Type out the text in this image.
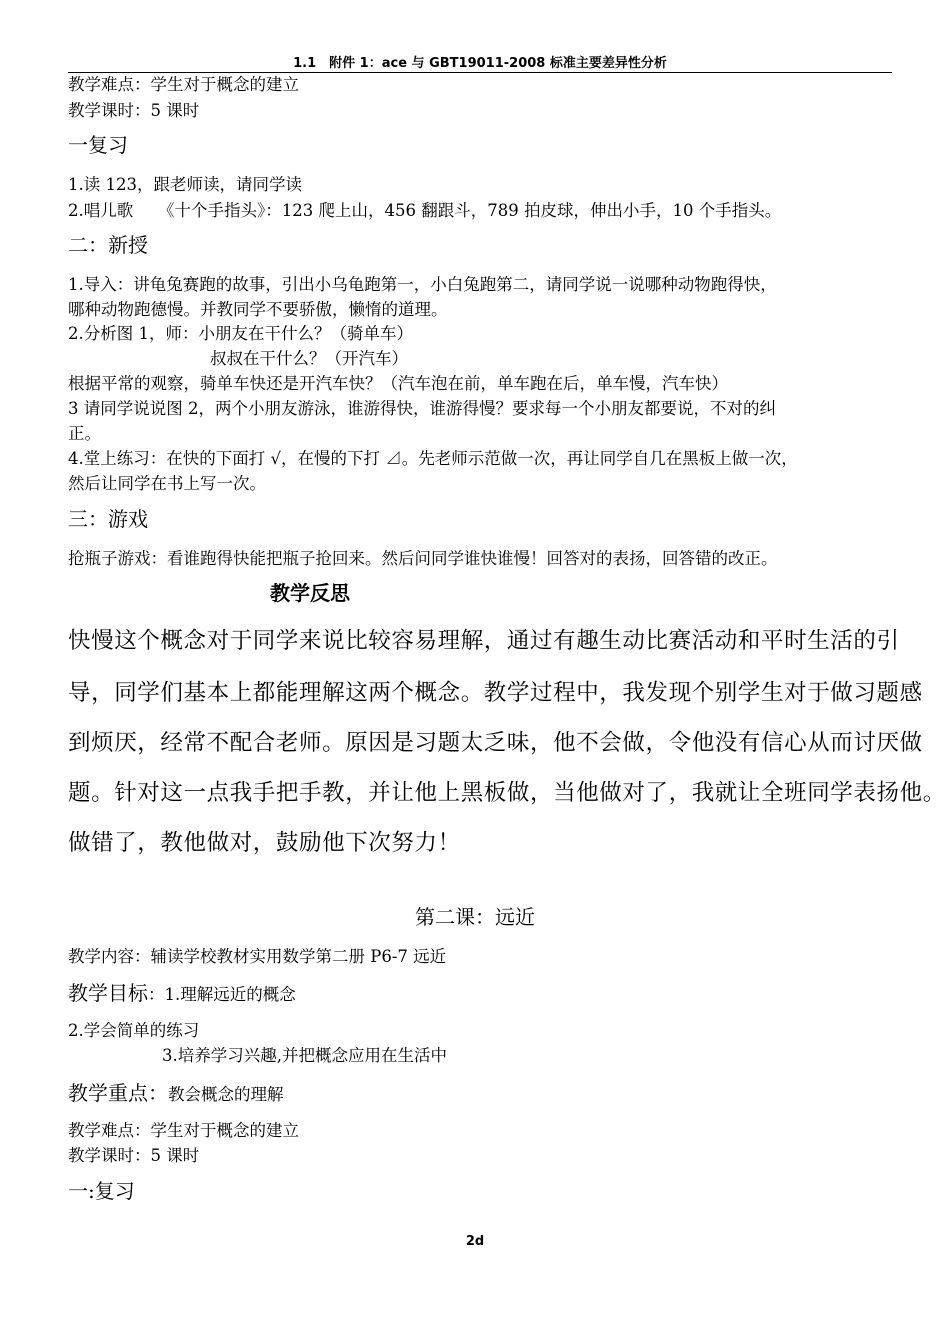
1.1　附件 1：ace 与 GBT19011-2008 标准主要差异性分析
教学难点：学生对于概念的建立
教学课时：5 课时
一复习
1.读 123，跟老师读，请同学读
2.唱儿歌　　《十个手指头》：123 爬上山，456 翻跟斗，789 拍皮球，伸出小手，10 个手指头。
二：新授
1.导入：讲龟兔赛跑的故事，引出小乌龟跑第一，小白兔跑第二，请同学说一说哪种动物跑得快，
哪种动物跑德慢。并教同学不要骄傲，懒惰的道理。
2.分析图 1，师：小朋友在干什么？（骑单车）
叔叔在干什么？（开汽车）
根据平常的观察，骑单车快还是开汽车快？（汽车泡在前，单车跑在后，单车慢，汽车快）
3 请同学说说图 2，两个小朋友游泳，谁游得快，谁游得慢？要求每一个小朋友都要说，不对的纠
正。
4.堂上练习：在快的下面打 √，在慢的下打 ⊿。先老师示范做一次，再让同学自几在黑板上做一次，
然后让同学在书上写一次。
三：游戏
抢瓶子游戏：看谁跑得快能把瓶子抢回来。然后问同学谁快谁慢！回答对的表扬，回答错的改正。
教学反思
快慢这个概念对于同学来说比较容易理解，通过有趣生动比赛活动和平时生活的引
导，同学们基本上都能理解这两个概念。教学过程中，我发现个别学生对于做习题感
到烦厌，经常不配合老师。原因是习题太乏味，他不会做，令他没有信心从而讨厌做
题。针对这一点我手把手教，并让他上黑板做，当他做对了，我就让全班同学表扬他。
做错了，教他做对，鼓励他下次努力！
第二课：远近
教学内容：辅读学校教材实用数学第二册 P6-7 远近
教学目标：1.理解远近的概念
2.学会简单的练习
3.培养学习兴趣,并把概念应用在生活中
教学重点：教会概念的理解
教学难点：学生对于概念的建立
教学课时：5 课时
一:复习
2d
